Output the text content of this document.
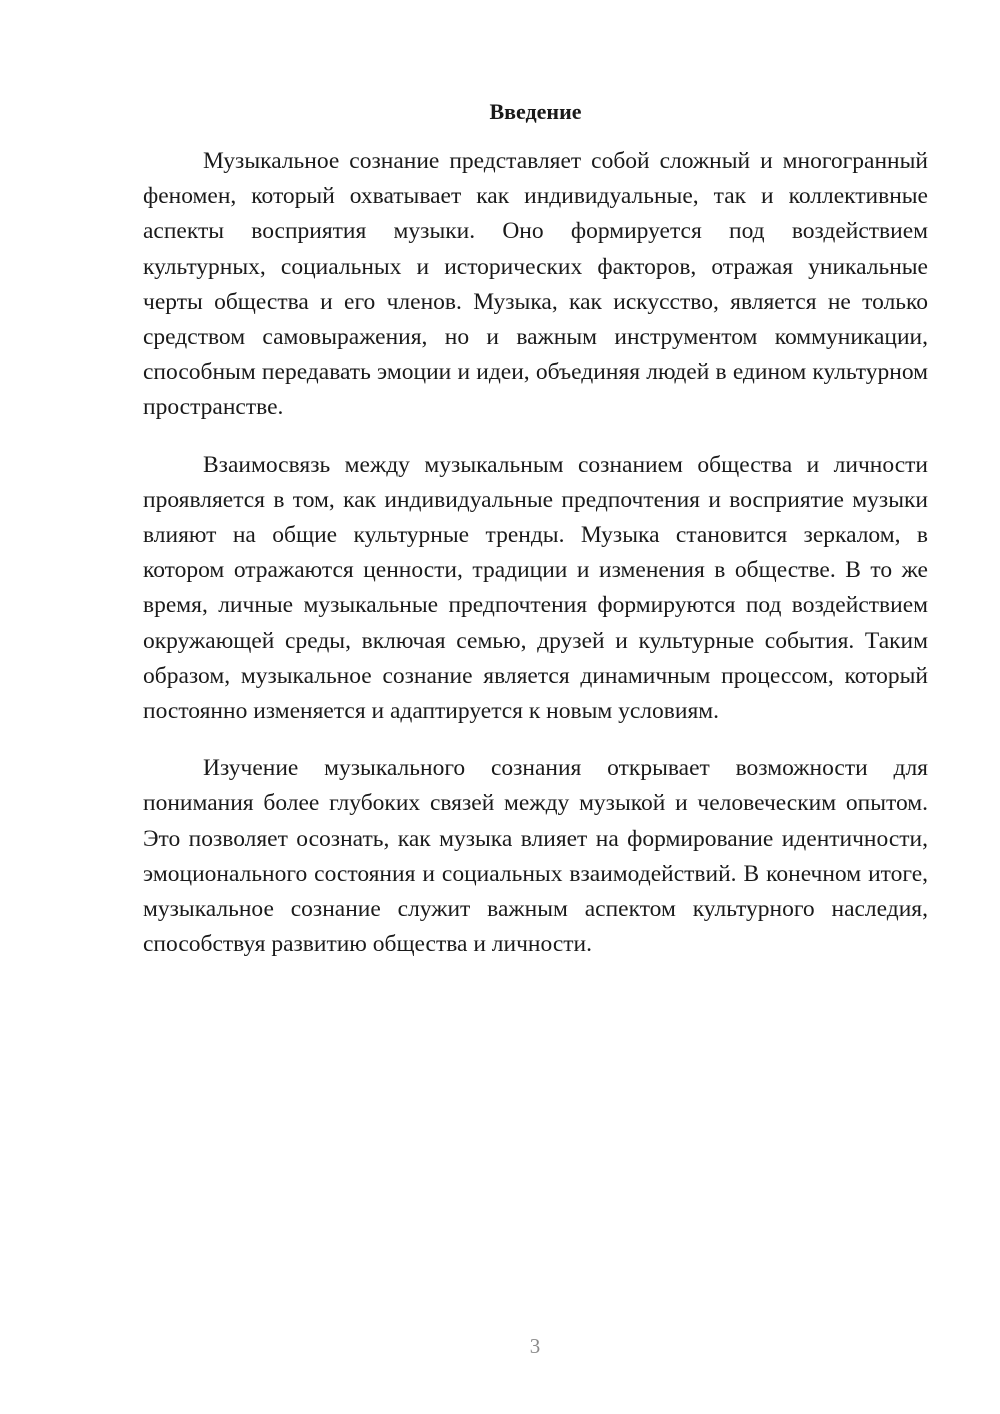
Введение

Музыкальное сознание представляет собой сложный и многогранный феномен, который охватывает как индивидуальные, так и коллективные аспекты восприятия музыки. Оно формируется под воздействием культурных, социальных и исторических факторов, отражая уникальные черты общества и его членов. Музыка, как искусство, является не только средством самовыражения, но и важным инструментом коммуникации, способным передавать эмоции и идеи, объединяя людей в едином культурном пространстве.

Взаимосвязь между музыкальным сознанием общества и личности проявляется в том, как индивидуальные предпочтения и восприятие музыки влияют на общие культурные тренды. Музыка становится зеркалом, в котором отражаются ценности, традиции и изменения в обществе. В то же время, личные музыкальные предпочтения формируются под воздействием окружающей среды, включая семью, друзей и культурные события. Таким образом, музыкальное сознание является динамичным процессом, который постоянно изменяется и адаптируется к новым условиям.

Изучение музыкального сознания открывает возможности для понимания более глубоких связей между музыкой и человеческим опытом. Это позволяет осознать, как музыка влияет на формирование идентичности, эмоционального состояния и социальных взаимодействий. В конечном итоге, музыкальное сознание служит важным аспектом культурного наследия, способствуя развитию общества и личности.

3
